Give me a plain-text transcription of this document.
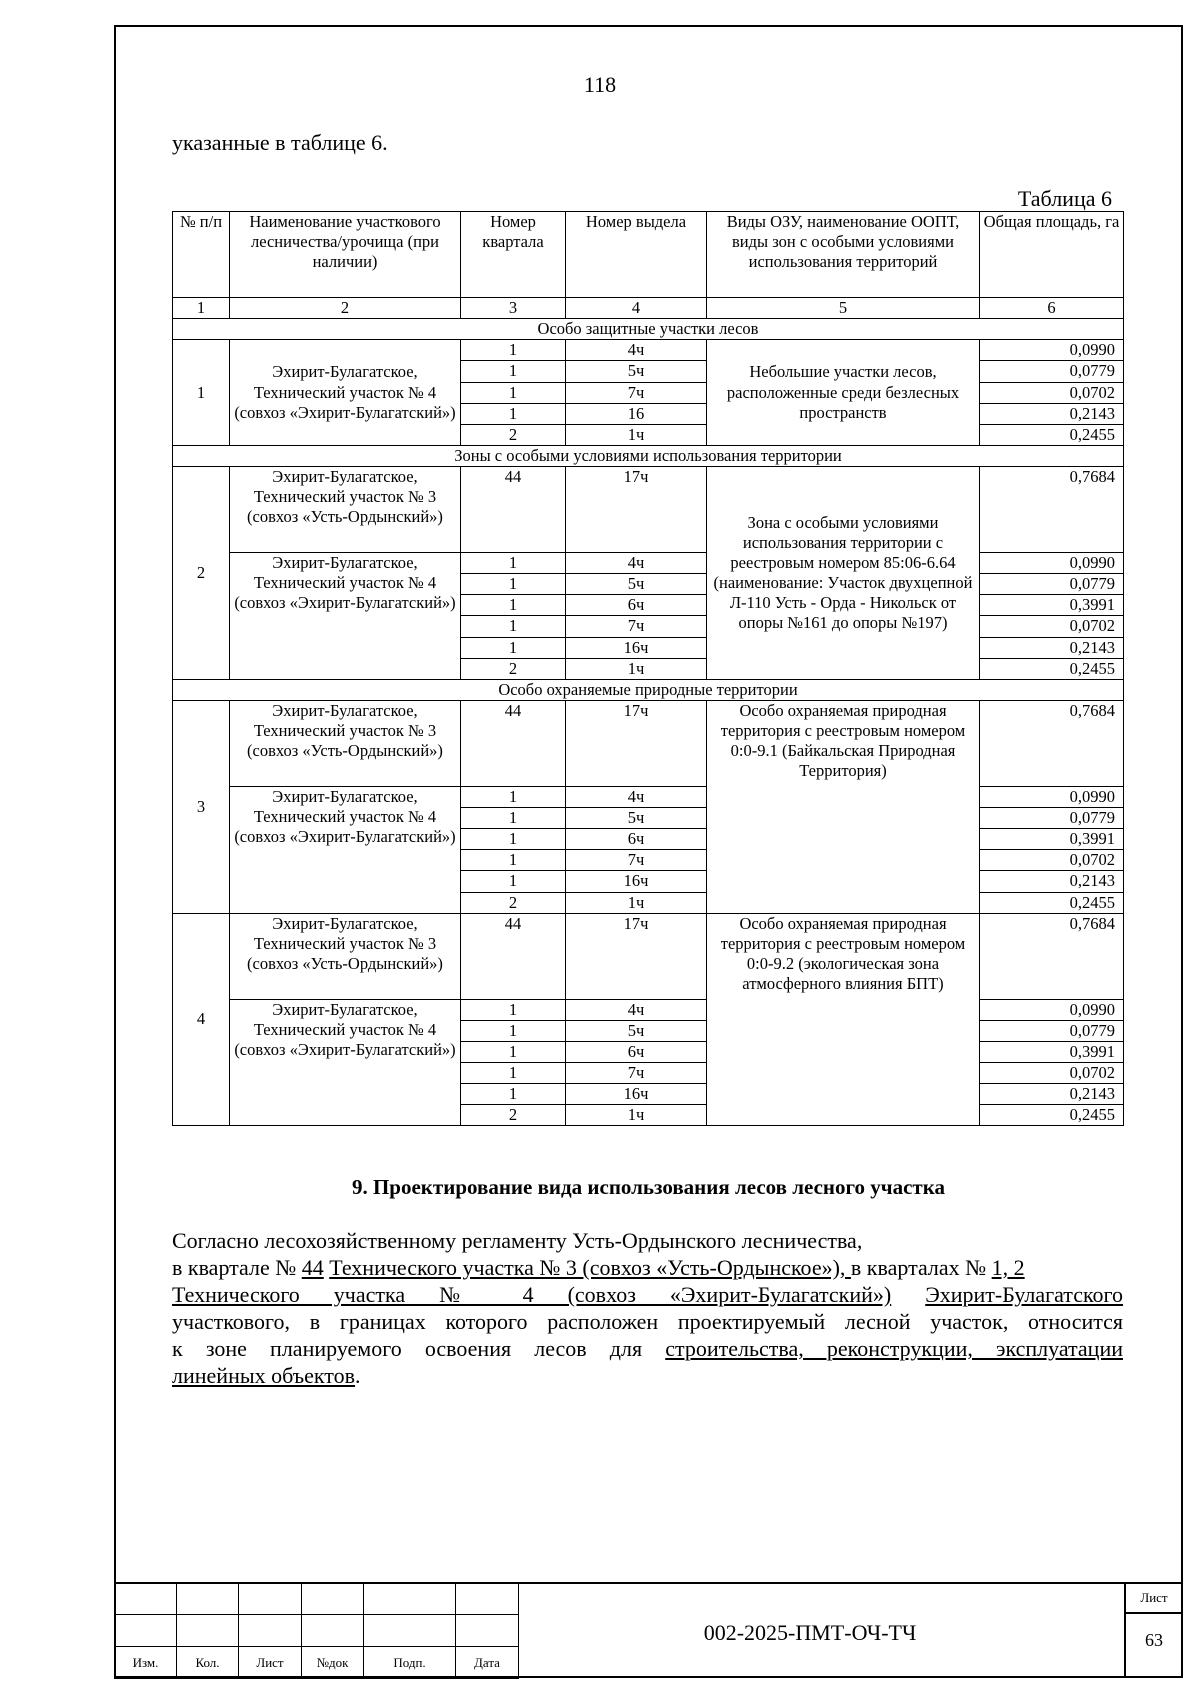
118
указанные в таблице 6.
Таблица 6
№ п/п	Наименование участкового лесничества/урочища (при наличии)	Номер квартала	Номер выдела	Виды ОЗУ, наименование ООПТ, виды зон с особыми условиями использования территорий	Общая площадь, га
1	2	3	4	5	6
Особо защитные участки лесов					
1	Эхирит-Булагатское, Технический участок № 4 (совхоз «Эхирит-Булагатский»)	1	4ч	Небольшие участки лесов, расположенные среди безлесных пространств	0,0990
		1	5ч		0,0779
		1	7ч		0,0702
		1	16		0,2143
		2	1ч		0,2455
Зоны с особыми условиями использования территории					
2	Эхирит-Булагатское, Технический участок № 3 (совхоз «Усть-Ордынский»)	44	17ч	Зона с особыми условиями использования территории с реестровым номером 85:06-6.64 (наименование: Участок двухцепной Л-110 Усть - Орда - Никольск от опоры №161 до опоры №197)	0,7684
	Эхирит-Булагатское, Технический участок № 4 (совхоз «Эхирит-Булагатский»)	1	4ч		0,0990
		1	5ч		0,0779
		1	6ч		0,3991
		1	7ч		0,0702
		1	16ч		0,2143
		2	1ч		0,2455
Особо охраняемые природные территории					
3	Эхирит-Булагатское, Технический участок № 3 (совхоз «Усть-Ордынский»)	44	17ч	Особо охраняемая природная территория с реестровым номером 0:0-9.1 (Байкальская Природная Территория)	0,7684
	Эхирит-Булагатское, Технический участок № 4 (совхоз «Эхирит-Булагатский»)	1	4ч		0,0990
		1	5ч		0,0779
		1	6ч		0,3991
		1	7ч		0,0702
		1	16ч		0,2143
		2	1ч		0,2455
4	Эхирит-Булагатское, Технический участок № 3 (совхоз «Усть-Ордынский»)	44	17ч	Особо охраняемая природная территория с реестровым номером 0:0-9.2 (экологическая зона атмосферного влияния БПТ)	0,7684
	Эхирит-Булагатское, Технический участок № 4 (совхоз «Эхирит-Булагатский»)	1	4ч		0,0990
		1	5ч		0,0779
		1	6ч		0,3991
		1	7ч		0,0702
		1	16ч		0,2143
		2	1ч		0,2455
9. Проектирование вида использования лесов лесного участка
Согласно лесохозяйственному регламенту Усть-Ордынского лесничества,
в квартале № 44 Технического участка № 3 (совхоз «Усть-Ордынское»), в кварталах № 1, 2
Технического участка № 4 (совхоз «Эхирит-Булагатский») Эхирит-Булагатского
участкового, в границах которого расположен проектируемый лесной участок, относится
к зоне планируемого освоения лесов для строительства, реконструкции, эксплуатации
линейных объектов.

Изм.	Кол.	Лист	№док	Подп.	Дата
002-2025-ПМТ-ОЧ-ТЧ
Лист
63
